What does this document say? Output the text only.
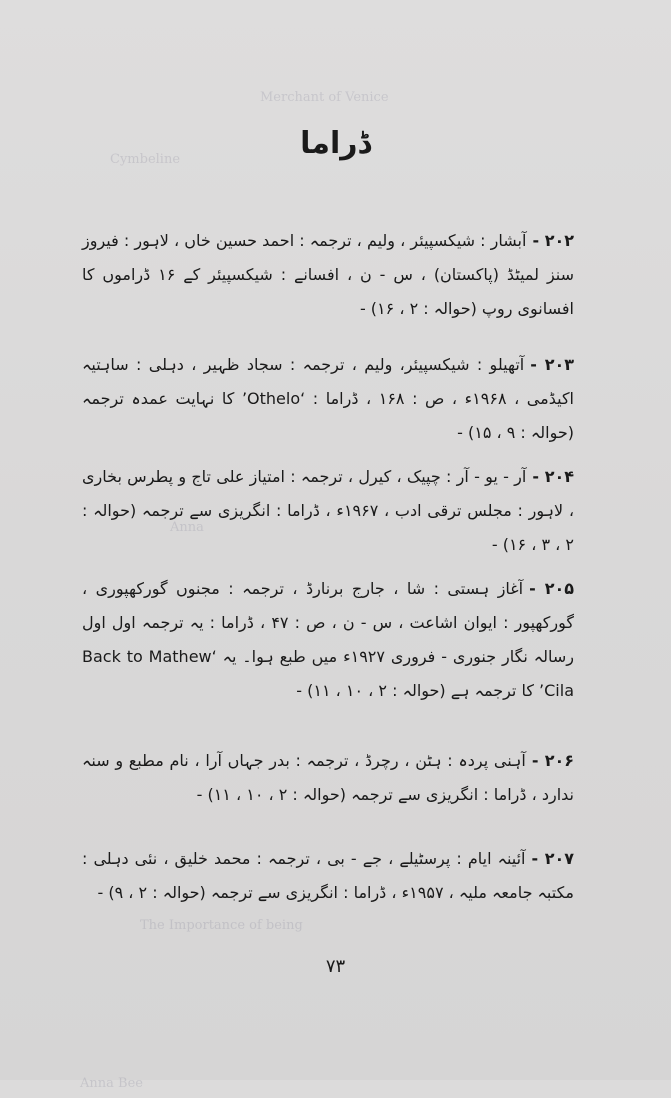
Merchant of Venice
Cymbeline
Anna
The Importance of being
Anna Bee
ڈراما
۲۰۲ -آبشار : شیکسپیئر ، ولیم ، ترجمہ : احمد حسین خاں ، لاہور : فیروز سنز لمیٹڈ (پاکستان) ، س - ن ، افسانے : شیکسپیئر کے ۱۶ ڈراموں کا افسانوی روپ (حوالہ : ۲ ، ۱۶) -
۲۰۳ -آتھیلو : شیکسپیئر، ولیم ، ترجمہ : سجاد ظہیر ، دہلی : ساہتیہ اکیڈمی ، ۱۹۶۸ء ، ص : ۱۶۸ ، ڈراما : ‘Othelo’ کا نہایت عمدہ ترجمہ (حوالہ : ۹ ، ۱۵) -
۲۰۴ -آر - یو - آر : چپیک ، کیرل ، ترجمہ : امتیاز علی تاج و پطرس بخاری ، لاہور : مجلس ترقی ادب ، ۱۹۶۷ء ، ڈراما : انگریزی سے ترجمہ (حوالہ : ۲ ، ۳ ، ۱۶) -
۲۰۵ -آغاز ہستی : شا ، جارج برنارڈ ، ترجمہ : مجنوں گورکھپوری ، گورکھپور : ایوان اشاعت ، س - ن ، ص : ۴۷ ، ڈراما : یہ ترجمہ اول اول رسالہ نگار جنوری - فروری ۱۹۲۷ء میں طبع ہوا۔ یہ ‘Back to Mathew Cila’ کا ترجمہ ہے (حوالہ : ۲ ، ۱۰ ، ۱۱) -
۲۰۶ -آہنی پردہ : ہٹن ، رچرڈ ، ترجمہ : بدر جہاں آرا ، نام مطبع و سنہ ندارد ، ڈراما : انگریزی سے ترجمہ (حوالہ : ۲ ، ۱۰ ، ۱۱) -
۲۰۷ -آئینہ ایام : پرسٹیلے ، جے - بی ، ترجمہ : محمد خلیق ، نئی دہلی : مکتبہ جامعہ ملیہ ، ۱۹۵۷ء ، ڈراما : انگریزی سے ترجمہ (حوالہ : ۲ ، ۹) -
۷۳
